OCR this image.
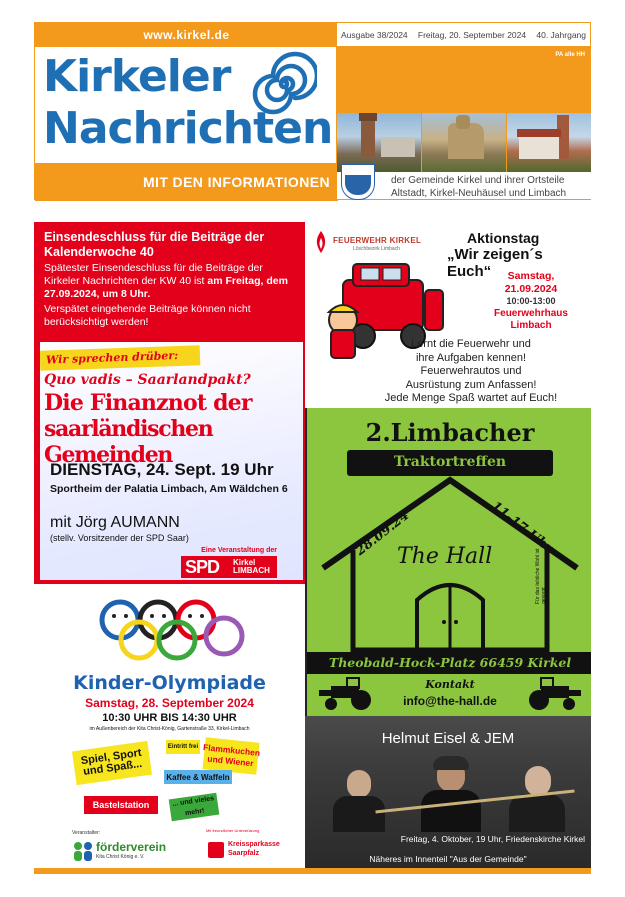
www.kirkel.de
Kirkeler
Nachrichten
MIT DEN INFORMATIONEN
Ausgabe 38/2024 Freitag, 20. September 2024 40. Jahrgang
PA alle HH
der Gemeinde Kirkel und ihrer Ortsteile
Altstadt, Kirkel-Neuhäusel und Limbach
Einsendeschluss für die Beiträge der
Kalenderwoche 40
Spätester Einsendeschluss für die Beiträge der Kirkeler Nachrichten der KW 40 ist am Freitag, dem 27.09.2024, um 8 Uhr.
Verspätet eingehende Beiträge können nicht berücksichtigt werden!
Wir sprechen drüber:
Quo vadis – Saarlandpakt?
Die Finanznot der
saarländischen Gemeinden
DIENSTAG, 24. Sept. 19 Uhr
Sportheim der Palatia Limbach, Am Wäldchen 6
mit Jörg AUMANN
(stellv. Vorsitzender der SPD Saar)
Eine Veranstaltung der
SPD Kirkel
LIMBACH
FEUERWEHR KIRKEL
Löschbezirk Limbach
Aktionstag
„Wir zeigen´s Euch“	Samstag,
21.09.2024
10:00-13:00
Feuerwehrhaus
Limbach
Lernt die Feuerwehr und
ihre Aufgaben kennen!
Feuerwehrautos und
Ausrüstung zum Anfassen!
Jede Menge Spaß wartet auf Euch!
2.Limbacher
Traktortreffen
28.09.24	11-17 Uhr
The Hall	Für das leibliche Wohl ist gesorgt.
Theobald-Hock-Platz 66459 Kirkel
Kontakt
info@the-hall.de
Kinder-Olympiade
Samstag, 28. September 2024
10:30 UHR BIS 14:30 UHR
im Außenbereich der Kita Christ-König, Gartenstraße 33, Kirkel-Limbach
Spiel, Sport und Spaß...
Eintritt frei Flammkuchen und Wiener
Kaffee & Waffeln
Bastelstation	... und vieles mehr!
Veranstalter:
förderverein
Kita Christ König e. V.
Mit freundlicher Unterstützung
Kreissparkasse
Saarpfalz
Helmut Eisel & JEM
Freitag, 4. Oktober, 19 Uhr, Friedenskirche Kirkel
Näheres im Innenteil "Aus der Gemeinde"
